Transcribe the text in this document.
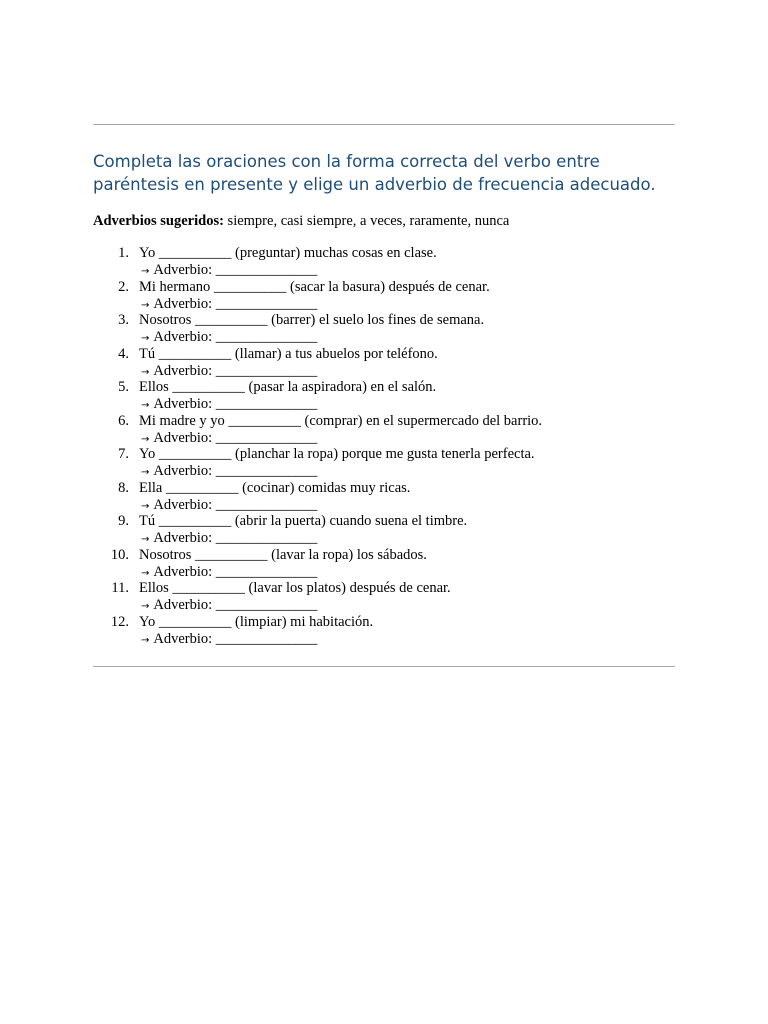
Completa las oraciones con la forma correcta del verbo entre paréntesis en presente y elige un adverbio de frecuencia adecuado.
Adverbios sugeridos: siempre, casi siempre, a veces, raramente, nunca
1. Yo __________ (preguntar) muchas cosas en clase.
→ Adverbio: ______________
2. Mi hermano __________ (sacar la basura) después de cenar.
→ Adverbio: ______________
3. Nosotros __________ (barrer) el suelo los fines de semana.
→ Adverbio: ______________
4. Tú __________ (llamar) a tus abuelos por teléfono.
→ Adverbio: ______________
5. Ellos __________ (pasar la aspiradora) en el salón.
→ Adverbio: ______________
6. Mi madre y yo __________ (comprar) en el supermercado del barrio.
→ Adverbio: ______________
7. Yo __________ (planchar la ropa) porque me gusta tenerla perfecta.
→ Adverbio: ______________
8. Ella __________ (cocinar) comidas muy ricas.
→ Adverbio: ______________
9. Tú __________ (abrir la puerta) cuando suena el timbre.
→ Adverbio: ______________
10. Nosotros __________ (lavar la ropa) los sábados.
→ Adverbio: ______________
11. Ellos __________ (lavar los platos) después de cenar.
→ Adverbio: ______________
12. Yo __________ (limpiar) mi habitación.
→ Adverbio: ______________
